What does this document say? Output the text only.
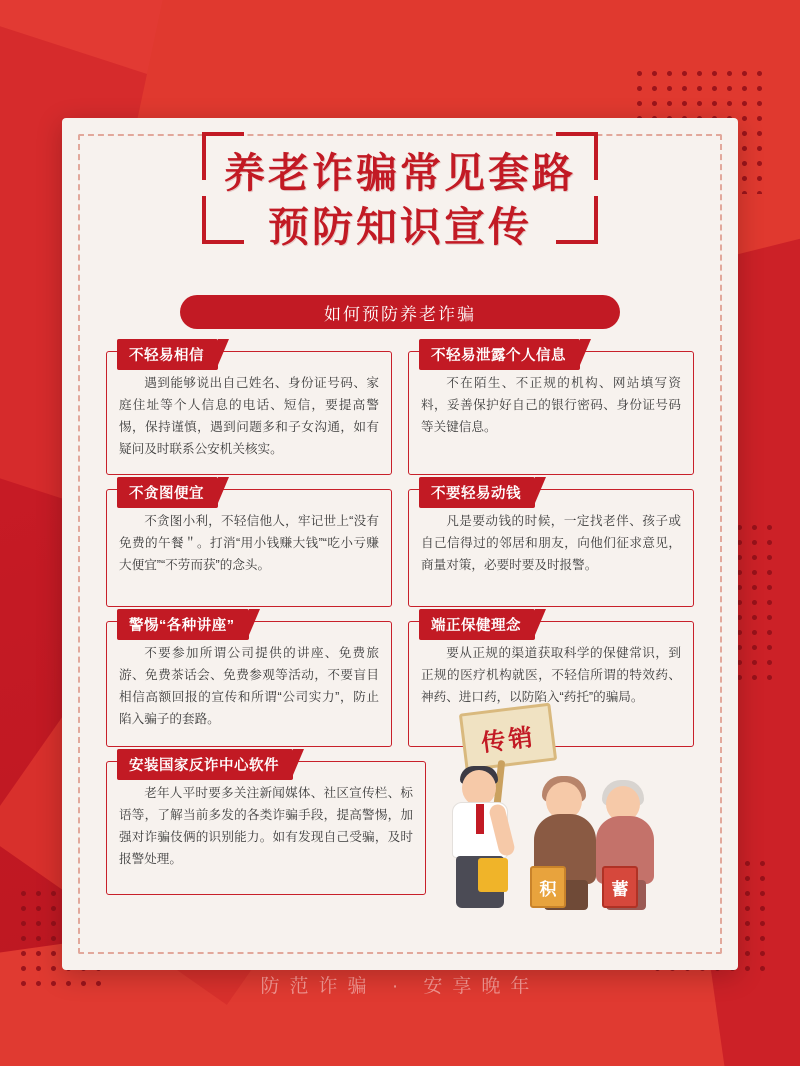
养老诈骗常见套路
预防知识宣传
如何预防养老诈骗
不轻易相信
遇到能够说出自己姓名、身份证号码、家庭住址等个人信息的电话、短信，要提高警惕，保持谨慎，遇到问题多和子女沟通，如有疑问及时联系公安机关核实。
不轻易泄露个人信息
不在陌生、不正规的机构、网站填写资料，妥善保护好自己的银行密码、身份证号码等关键信息。
不贪图便宜
不贪图小利，不轻信他人，牢记世上“没有免费的午餐＂。打消“用小钱赚大钱”“吃小亏赚大便宜”“不劳而获”的念头。
不要轻易动钱
凡是要动钱的时候，一定找老伴、孩子或自己信得过的邻居和朋友，向他们征求意见，商量对策，必要时要及时报警。
警惕“各种讲座”
不要参加所谓公司提供的讲座、免费旅游、免费茶话会、免费参观等活动，不要盲目相信高额回报的宣传和所谓“公司实力”，防止陷入骗子的套路。
端正保健理念
要从正规的渠道获取科学的保健常识，到正规的医疗机构就医，不轻信所谓的特效药、神药、进口药，以防陷入“药托”的骗局。
安装国家反诈中心软件
老年人平时要多关注新闻媒体、社区宣传栏、标语等，了解当前多发的各类诈骗手段，提高警惕，加强对诈骗伎俩的识别能力。如有发现自己受骗，及时报警处理。
传销
积	蓄
防范诈骗 · 安享晚年
